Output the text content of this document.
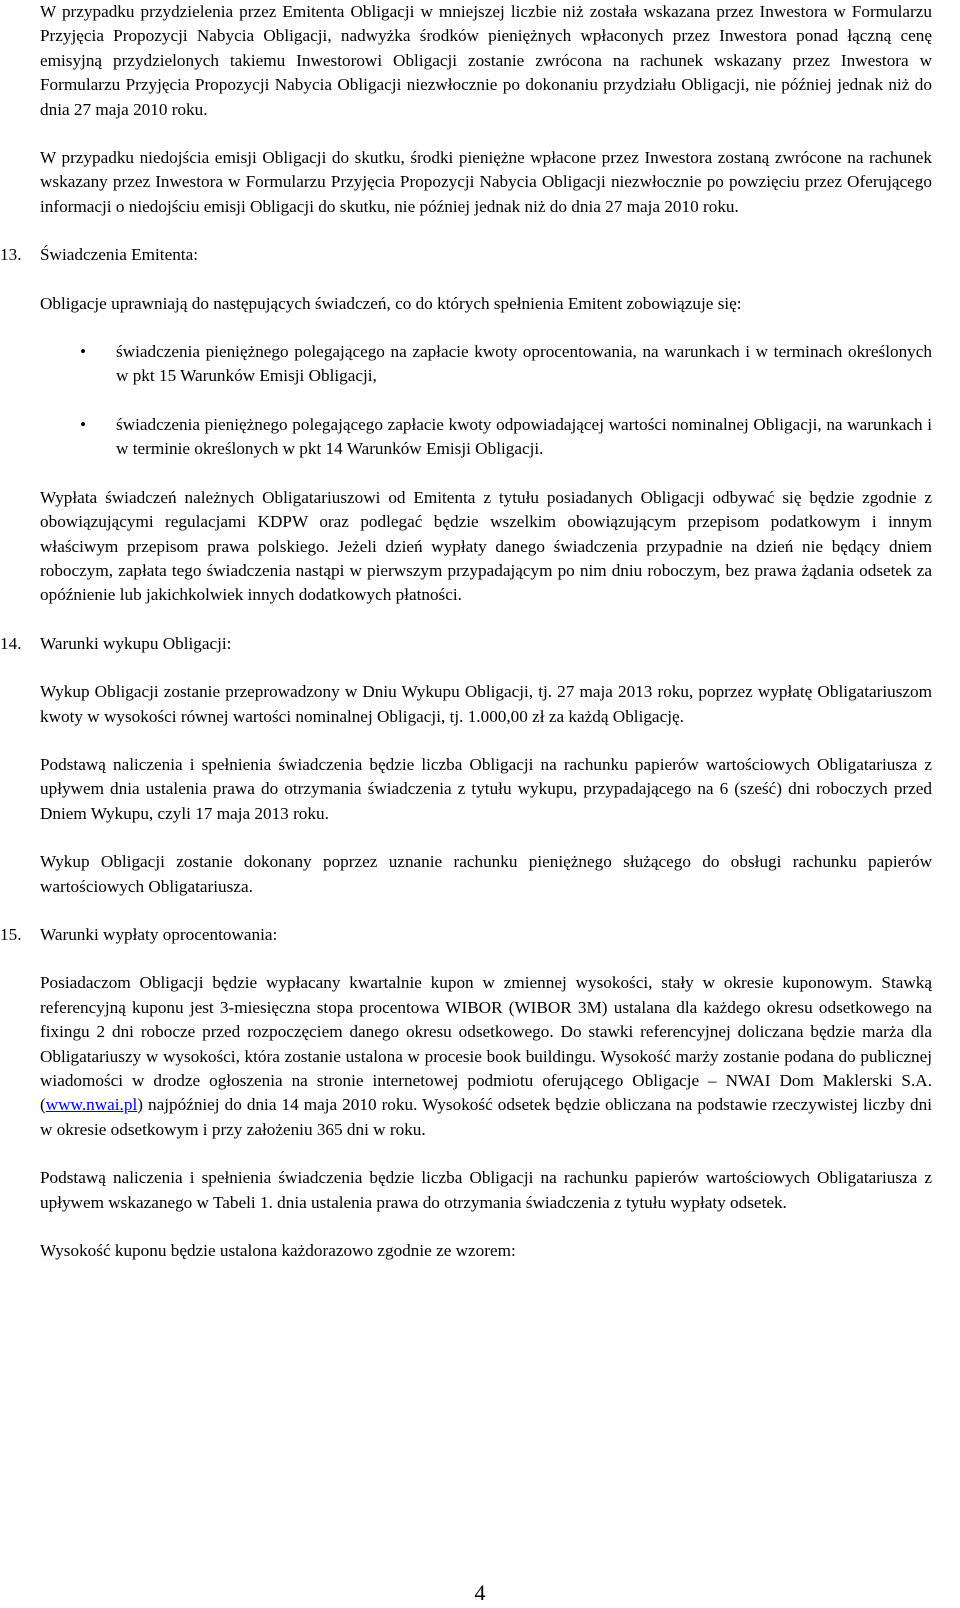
W przypadku przydzielenia przez Emitenta Obligacji w mniejszej liczbie niż została wskazana przez Inwestora w Formularzu Przyjęcia Propozycji Nabycia Obligacji, nadwyżka środków pieniężnych wpłaconych przez Inwestora ponad łączną cenę emisyjną przydzielonych takiemu Inwestorowi Obligacji zostanie zwrócona na rachunek wskazany przez Inwestora w Formularzu Przyjęcia Propozycji Nabycia Obligacji niezwłocznie po dokonaniu przydziału Obligacji, nie później jednak niż do dnia 27 maja 2010 roku.

W przypadku niedojścia emisji Obligacji do skutku, środki pieniężne wpłacone przez Inwestora zostaną zwrócone na rachunek wskazany przez Inwestora w Formularzu Przyjęcia Propozycji Nabycia Obligacji niezwłocznie po powzięciu przez Oferującego informacji o niedojściu emisji Obligacji do skutku, nie później jednak niż do dnia 27 maja 2010 roku.

13. Świadczenia Emitenta:

Obligacje uprawniają do następujących świadczeń, co do których spełnienia Emitent zobowiązuje się:

• świadczenia pieniężnego polegającego na zapłacie kwoty oprocentowania, na warunkach i w terminach określonych w pkt 15 Warunków Emisji Obligacji,
• świadczenia pieniężnego polegającego zapłacie kwoty odpowiadającej wartości nominalnej Obligacji, na warunkach i w terminie określonych w pkt 14 Warunków Emisji Obligacji.

Wypłata świadczeń należnych Obligatariuszowi od Emitenta z tytułu posiadanych Obligacji odbywać się będzie zgodnie z obowiązującymi regulacjami KDPW oraz podlegać będzie wszelkim obowiązującym przepisom podatkowym i innym właściwym przepisom prawa polskiego. Jeżeli dzień wypłaty danego świadczenia przypadnie na dzień nie będący dniem roboczym, zapłata tego świadczenia nastąpi w pierwszym przypadającym po nim dniu roboczym, bez prawa żądania odsetek za opóźnienie lub jakichkolwiek innych dodatkowych płatności.

14. Warunki wykupu Obligacji:

Wykup Obligacji zostanie przeprowadzony w Dniu Wykupu Obligacji, tj. 27 maja 2013 roku, poprzez wypłatę Obligatariuszom kwoty w wysokości równej wartości nominalnej Obligacji, tj. 1.000,00 zł za każdą Obligację.

Podstawą naliczenia i spełnienia świadczenia będzie liczba Obligacji na rachunku papierów wartościowych Obligatariusza z upływem dnia ustalenia prawa do otrzymania świadczenia z tytułu wykupu, przypadającego na 6 (sześć) dni roboczych przed Dniem Wykupu, czyli 17 maja 2013 roku.

Wykup Obligacji zostanie dokonany poprzez uznanie rachunku pieniężnego służącego do obsługi rachunku papierów wartościowych Obligatariusza.

15. Warunki wypłaty oprocentowania:

Posiadaczom Obligacji będzie wypłacany kwartalnie kupon w zmiennej wysokości, stały w okresie kuponowym. Stawką referencyjną kuponu jest 3-miesięczna stopa procentowa WIBOR (WIBOR 3M) ustalana dla każdego okresu odsetkowego na fixingu 2 dni robocze przed rozpoczęciem danego okresu odsetkowego. Do stawki referencyjnej doliczana będzie marża dla Obligatariuszy w wysokości, która zostanie ustalona w procesie book buildingu. Wysokość marży zostanie podana do publicznej wiadomości w drodze ogłoszenia na stronie internetowej podmiotu oferującego Obligacje – NWAI Dom Maklerski S.A. (www.nwai.pl) najpóźniej do dnia 14 maja 2010 roku. Wysokość odsetek będzie obliczana na podstawie rzeczywistej liczby dni w okresie odsetkowym i przy założeniu 365 dni w roku.

Podstawą naliczenia i spełnienia świadczenia będzie liczba Obligacji na rachunku papierów wartościowych Obligatariusza z upływem wskazanego w Tabeli 1. dnia ustalenia prawa do otrzymania świadczenia z tytułu wypłaty odsetek.

Wysokość kuponu będzie ustalona każdorazowo zgodnie ze wzorem:

4
